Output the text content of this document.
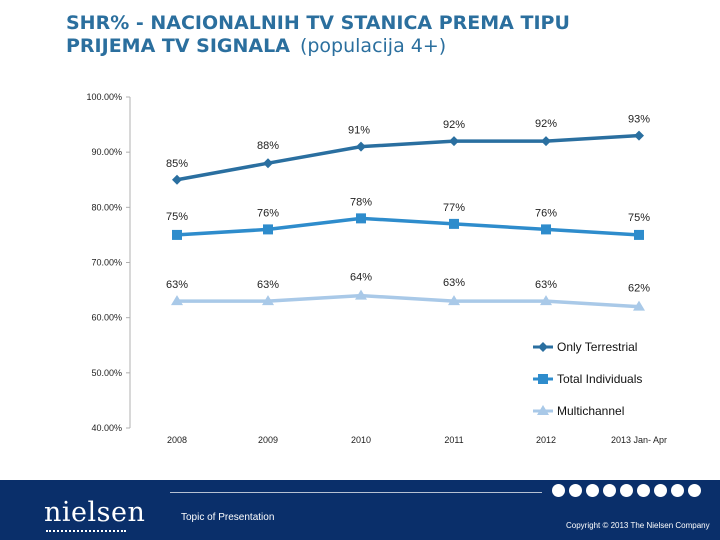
SHR% - NACIONALNIH TV STANICA PREMA TIPU
PRIJEMA TV SIGNALA (populacija 4+)
40.00%
50.00%
60.00%
70.00%
80.00%
90.00%
100.00%
2008	2009	2010	2011	2012	2013 Jan- Apr
85%
88%
91%	92%	92%	93%
Only Terrestrial
75%	76%
78%	77%	76%	75%
Total Individuals
63%	63%
64%	63%	63%	62%
Multichannel
nielsen	Topic of Presentation
Copyright © 2013 The Nielsen Company
